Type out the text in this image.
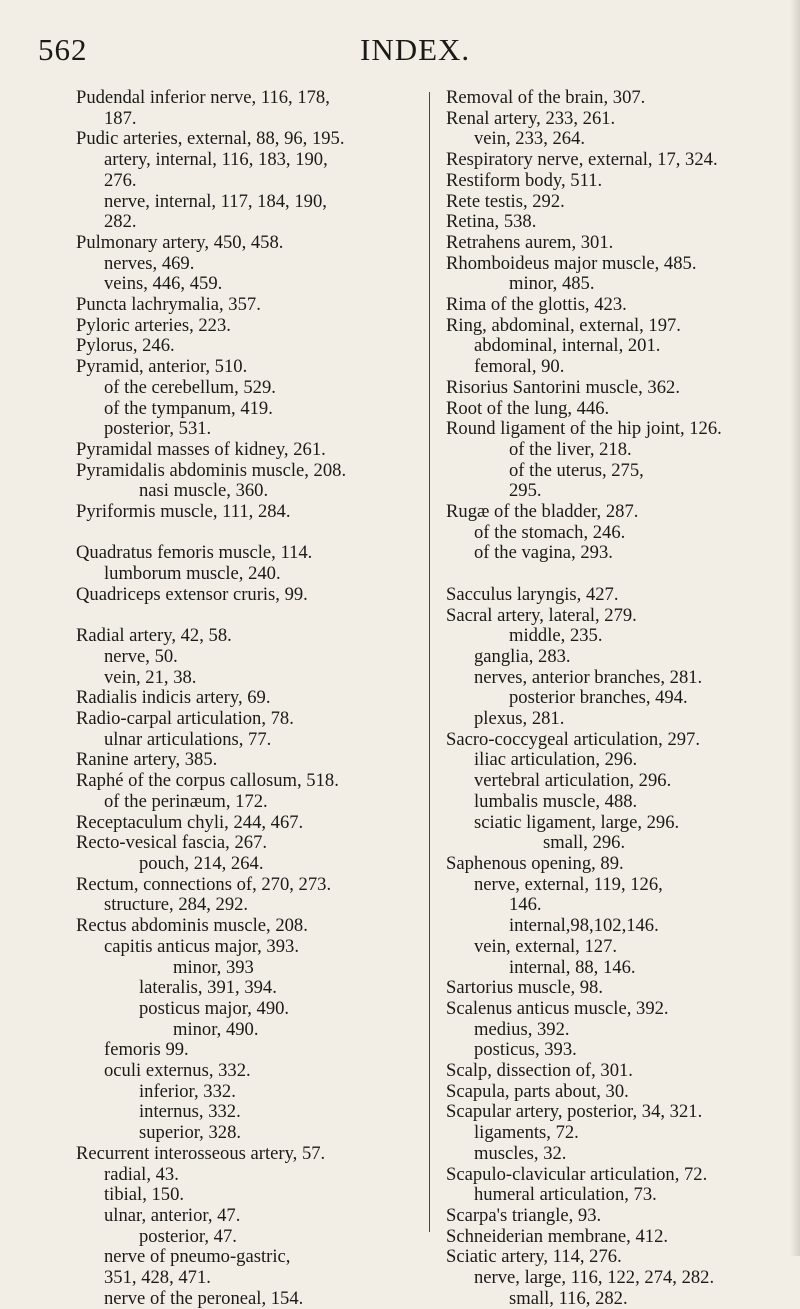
562	INDEX.
Pudendal inferior nerve, 116, 178,
187.
Pudic arteries, external, 88, 96, 195.
artery, internal, 116, 183, 190,
276.
nerve, internal, 117, 184, 190,
282.
Pulmonary artery, 450, 458.
nerves, 469.
veins, 446, 459.
Puncta lachrymalia, 357.
Pyloric arteries, 223.
Pylorus, 246.
Pyramid, anterior, 510.
of the cerebellum, 529.
of the tympanum, 419.
posterior, 531.
Pyramidal masses of kidney, 261.
Pyramidalis abdominis muscle, 208.
nasi muscle, 360.
Pyriformis muscle, 111, 284.
Quadratus femoris muscle, 114.
lumborum muscle, 240.
Quadriceps extensor cruris, 99.
Radial artery, 42, 58.
nerve, 50.
vein, 21, 38.
Radialis indicis artery, 69.
Radio-carpal articulation, 78.
ulnar articulations, 77.
Ranine artery, 385.
Raphé of the corpus callosum, 518.
of the perinæum, 172.
Receptaculum chyli, 244, 467.
Recto-vesical fascia, 267.
pouch, 214, 264.
Rectum, connections of, 270, 273.
structure, 284, 292.
Rectus abdominis muscle, 208.
capitis anticus major, 393.
minor, 393
lateralis, 391, 394.
posticus major, 490.
minor, 490.
femoris 99.
oculi externus, 332.
inferior, 332.
internus, 332.
superior, 328.
Recurrent interosseous artery, 57.
radial, 43.
tibial, 150.
ulnar, anterior, 47.
posterior, 47.
nerve of pneumo-gastric,
351, 428, 471.
nerve of the peroneal, 154.
Removal of the brain, 307.
Renal artery, 233, 261.
vein, 233, 264.
Respiratory nerve, external, 17, 324.
Restiform body, 511.
Rete testis, 292.
Retina, 538.
Retrahens aurem, 301.
Rhomboideus major muscle, 485.
minor, 485.
Rima of the glottis, 423.
Ring, abdominal, external, 197.
abdominal, internal, 201.
femoral, 90.
Risorius Santorini muscle, 362.
Root of the lung, 446.
Round ligament of the hip joint, 126.
of the liver, 218.
of the uterus, 275,
295.
Rugæ of the bladder, 287.
of the stomach, 246.
of the vagina, 293.
Sacculus laryngis, 427.
Sacral artery, lateral, 279.
middle, 235.
ganglia, 283.
nerves, anterior branches, 281.
posterior branches, 494.
plexus, 281.
Sacro-coccygeal articulation, 297.
iliac articulation, 296.
vertebral articulation, 296.
lumbalis muscle, 488.
sciatic ligament, large, 296.
small, 296.
Saphenous opening, 89.
nerve, external, 119, 126,
146.
internal,98,102,146.
vein, external, 127.
internal, 88, 146.
Sartorius muscle, 98.
Scalenus anticus muscle, 392.
medius, 392.
posticus, 393.
Scalp, dissection of, 301.
Scapula, parts about, 30.
Scapular artery, posterior, 34, 321.
ligaments, 72.
muscles, 32.
Scapulo-clavicular articulation, 72.
humeral articulation, 73.
Scarpa's triangle, 93.
Schneiderian membrane, 412.
Sciatic artery, 114, 276.
nerve, large, 116, 122, 274, 282.
small, 116, 282.
